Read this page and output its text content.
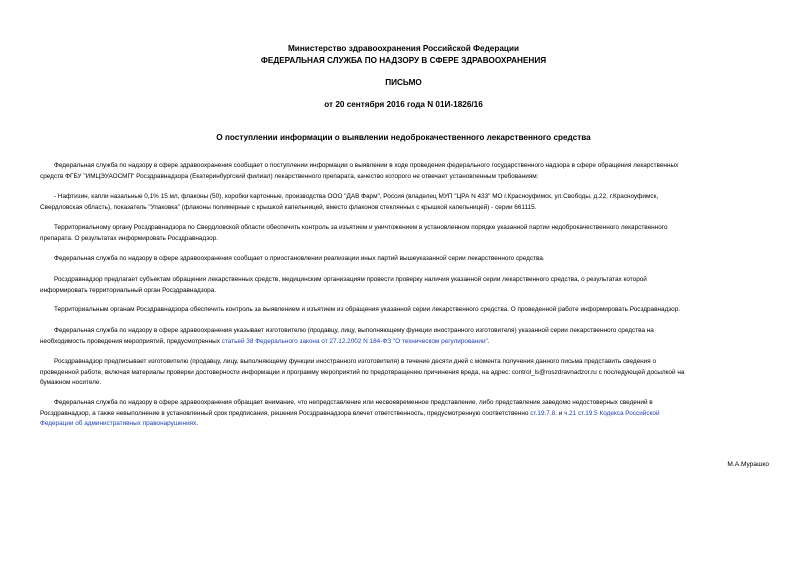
Министерство здравоохранения Российской Федерации
ФЕДЕРАЛЬНАЯ СЛУЖБА ПО НАДЗОРУ В СФЕРЕ ЗДРАВООХРАНЕНИЯ
ПИСЬМО
от 20 сентября 2016 года N 01И-1826/16
О поступлении информации о выявлении недоброкачественного лекарственного средства
Федеральная служба по надзору в сфере здравоохранения сообщает о поступлении информации о выявлении в ходе проведения федерального государственного надзора в сфере обращения лекарственных
средств ФГБУ "ИМЦЭУАОСМП" Росздравнадзора (Екатеринбургский филиал) лекарственного препарата, качество которого не отвечает установленным требованиям:
- Нафтизин, капли назальные 0,1% 15 мл, флаконы (50), коробки картонные, производства ООО "ДАВ Фарм", Россия (владелец МУП "ЦРА N 433" МО г.Красноуфимск, ул.Свободы, д.22, г.Красноуфимск,
Свердловская область), показатель "Упаковка" (флаконы полимерные с крышкой капельницей, вместо флаконов стеклянных с крышкой капельницей) - серии 661115.
Территориальному органу Росздравнадзора по Свердловской области обеспечить контроль за изъятием и уничтожением в установленном порядке указанной партии недоброкачественного лекарственного
препарата. О результатах информировать Росздравнадзор.
Федеральная служба по надзору в сфере здравоохранения сообщает о приостановлении реализации иных партий вышеуказанной серии лекарственного средства.
Росздравнадзор предлагает субъектам обращения лекарственных средств, медицинским организациям провести проверку наличия указанной серии лекарственного средства, о результатах которой
информировать территориальный орган Росздравнадзора.
Территориальным органам Росздравнадзора обеспечить контроль за выявлением и изъятием из обращения указанной серии лекарственного средства. О проведенной работе информировать Росздравнадзор.
Федеральная служба по надзору в сфере здравоохранения указывает изготовителю (продавцу, лицу, выполняющему функции иностранного изготовителя) указанной серии лекарственного средства на
необходимость проведения мероприятий, предусмотренных статьей 38 Федерального закона от 27.12.2002 N 184-ФЗ "О техническом регулировании".
Росздравнадзор предписывает изготовителю (продавцу, лицу, выполняющему функции иностранного изготовителя) в течение десяти дней с момента получения данного письма представить сведения о
проведенной работе, включая материалы проверки достоверности информации и программу мероприятий по предотвращению причинения вреда, на адрес: control_ls@roszdravnadzor.ru с последующей досылкой на
бумажном носителе.
Федеральная служба по надзору в сфере здравоохранения обращает внимание, что непредставление или несвоевременное представление, либо представление заведомо недостоверных сведений в
Росздравнадзор, а также невыполнение в установленный срок предписания, решения Росздравнадзора влечет ответственность, предусмотренную соответственно ст.19.7.8. и ч.21 ст.19.5 Кодекса Российской
Федерации об административных правонарушениях.
М.А.Мурашко
